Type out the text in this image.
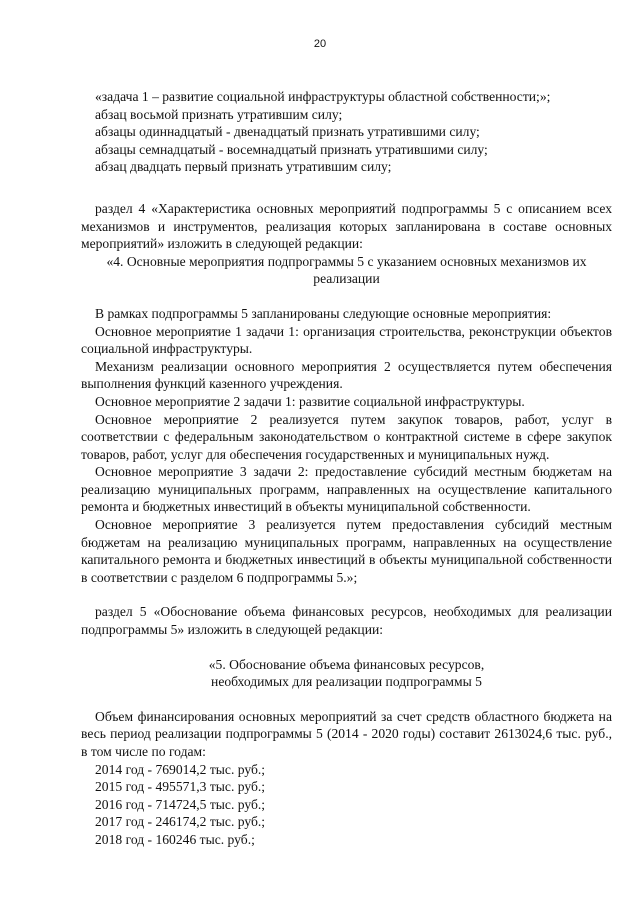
20

«задача 1 – развитие социальной инфраструктуры областной собственности;»;

абзац восьмой признать утратившим силу;

абзацы одиннадцатый - двенадцатый признать утратившими силу;

абзацы семнадцатый - восемнадцатый признать утратившими силу;

абзац двадцать первый признать утратившим силу;

раздел 4 «Характеристика основных мероприятий подпрограммы 5 с описанием всех механизмов и инструментов, реализация которых запланирована в составе основных мероприятий» изложить в следующей редакции:

«4. Основные мероприятия подпрограммы 5 с указанием основных механизмов их реализации

В рамках подпрограммы 5 запланированы следующие основные мероприятия:

Основное мероприятие 1 задачи 1: организация строительства, реконструкции объектов социальной инфраструктуры.

Механизм реализации основного мероприятия 2 осуществляется путем обеспечения выполнения функций казенного учреждения.

Основное мероприятие 2 задачи 1: развитие социальной инфраструктуры.

Основное мероприятие 2 реализуется путем закупок товаров, работ, услуг в соответствии с федеральным законодательством о контрактной системе в сфере закупок товаров, работ, услуг для обеспечения государственных и муниципальных нужд.

Основное мероприятие 3 задачи 2: предоставление субсидий местным бюджетам на реализацию муниципальных программ, направленных на осуществление капитального ремонта и бюджетных инвестиций в объекты муниципальной собственности.

Основное мероприятие 3 реализуется путем предоставления субсидий местным бюджетам на реализацию муниципальных программ, направленных на осуществление капитального ремонта и бюджетных инвестиций в объекты муниципальной собственности в соответствии с разделом 6 подпрограммы 5.»;

раздел 5 «Обоснование объема финансовых ресурсов, необходимых для реализации подпрограммы 5» изложить в следующей редакции:

«5. Обоснование объема финансовых ресурсов,

необходимых для реализации подпрограммы 5

Объем финансирования основных мероприятий за счет средств областного бюджета на весь период реализации подпрограммы 5 (2014 - 2020 годы) составит 2613024,6 тыс. руб., в том числе по годам:

2014 год - 769014,2 тыс. руб.;

2015 год - 495571,3 тыс. руб.;

2016 год - 714724,5 тыс. руб.;

2017 год - 246174,2 тыс. руб.;

2018 год - 160246 тыс. руб.;
